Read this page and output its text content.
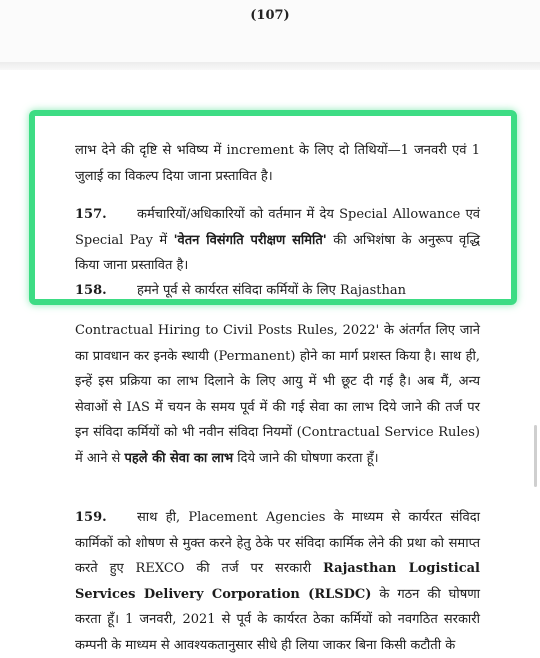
(107)

लाभ देने की दृष्टि से भविष्य में increment के लिए दो तिथियों—1 जनवरी एवं 1 जुलाई का विकल्प दिया जाना प्रस्तावित है।

157. कर्मचारियों/अधिकारियों को वर्तमान में देय Special Allowance एवं Special Pay में 'वेतन विसंगति परीक्षण समिति' की अभिशंषा के अनुरूप वृद्धि किया जाना प्रस्तावित है।

158. हमने पूर्व से कार्यरत संविदा कर्मियों के लिए Rajasthan

Contractual Hiring to Civil Posts Rules, 2022' के अंतर्गत लिए जाने का प्रावधान कर इनके स्थायी (Permanent) होने का मार्ग प्रशस्त किया है। साथ ही, इन्हें इस प्रक्रिया का लाभ दिलाने के लिए आयु में भी छूट दी गई है। अब मैं, अन्य सेवाओं से IAS में चयन के समय पूर्व में की गई सेवा का लाभ दिये जाने की तर्ज पर इन संविदा कर्मियों को भी नवीन संविदा नियमों (Contractual Service Rules) में आने से पहले की सेवा का लाभ दिये जाने की घोषणा करता हूँ।

159. साथ ही, Placement Agencies के माध्यम से कार्यरत संविदा कार्मिकों को शोषण से मुक्त करने हेतु ठेके पर संविदा कार्मिक लेने की प्रथा को समाप्त करते हुए REXCO की तर्ज पर सरकारी Rajasthan Logistical Services Delivery Corporation (RLSDC) के गठन की घोषणा करता हूँ। 1 जनवरी, 2021 से पूर्व के कार्यरत ठेका कर्मियों को नवगठित सरकारी कम्पनी के माध्यम से आवश्यकतानुसार सीधे ही लिया जाकर बिना किसी कटौती के
